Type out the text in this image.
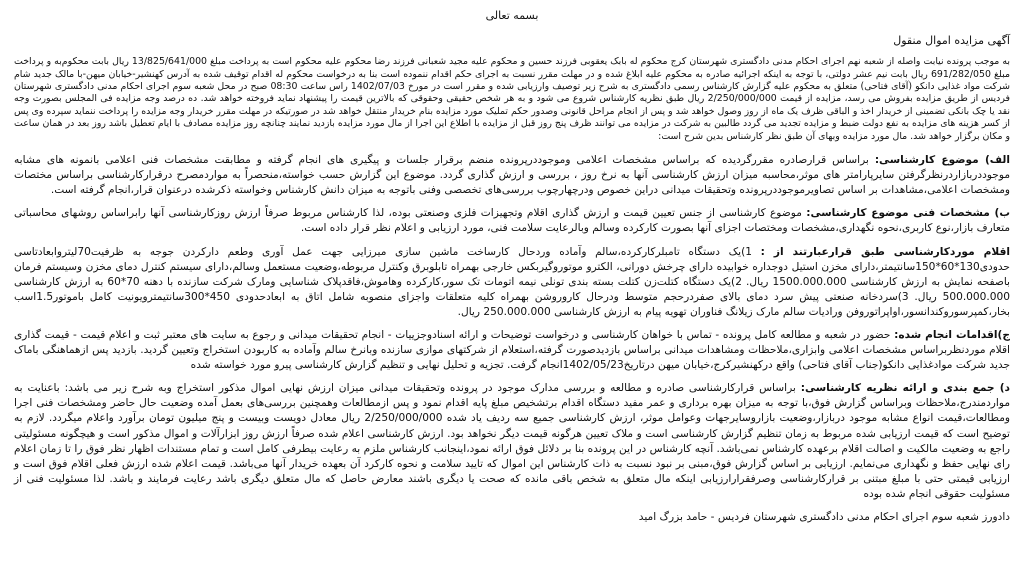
بسمه تعالی
آگهی مزایده اموال منقول
به موجب پرونده نیابت واصله از شعبه نهم اجرای احکام مدنی دادگستری شهرستان کرج محکوم له بابک یعقوبی فرزند حسین و محکوم علیه مجید شعبانی فرزند رضا محکوم علیه محکوم است به پرداخت مبلغ 13/825/641/000 ریال بابت محکوم‌به و پرداخت مبلغ 691/282/050 ریال بابت نیم عشر دولتی، با توجه به اینکه اجرائیه صادره به محکوم علیه ابلاغ شده و در مهلت مقرر نسبت به اجرای حکم اقدام ننموده است بنا به درخواست محکوم له اقدام توقیف شده به آدرس کهنشیر-خیابان میهن-با مالک جدید شام شرکت مواد غذایی دانکو (آقای فتاحی) متعلق به محکوم علیه گزارش کارشناس رسمی دادگستری به شرح زیر توصیف وارزیابی شده و مقرر است در مورخ 1402/07/03 راس ساعت 08:30 صبح در محل شعبه سوم اجرای احکام مدنی دادگستری شهرستان فردیس از طریق مزایده بفروش می رسد، مزایده از قیمت 2/250/000/000 ریال طبق نظریه کارشناس شروع می شود و به هر شخص حقیقی وحقوقی که بالاترین قیمت را پیشنهاد نماید فروخته خواهد شد. ده درصد وجه مزایده فی المجلس بصورت وجه نقد یا چک بانکی تضمینی از خریدار اخذ و الباقی ظرف یک ماه از روز وصول خواهد شد و پس از انجام مراحل قانونی وصدور حکم تملیک مورد مزایده بنام خریدار منتقل خواهد شد در صورتیکه در مهلت مقرر خریدار وجه مزایده را پرداخت ننماید سپرده وی پس از کسر هزینه های مزایده به نفع دولت ضبط و مزایده تجدید می گردد طالبین به شرکت در مزایده می توانند ظرف پنج روز قبل از مزایده با اطلاع این اجرا از مال مورد مزایده بازدید نمایند چنانچه روز مزایده مصادف با ایام تعطیل باشد روز بعد در همان ساعت و مکان برگزار خواهد شد. مال مورد مزایده وبهای آن طبق نظر کارشناس بدین شرح است:

الف) موضوع کارشناسی: براساس قرارصادره مقررگردیده که براساس مشخصات اعلامی وموجوددرپرونده منضم برقرار جلسات و پیگیری های انجام گرفته و مطابقت مشخصات فنی اعلامی بانمونه های مشابه موجوددربازاردرنظرگرفتن سایرپارامتر های موثر،محاسبه میزان ارزش کارشناسی آنها به نرخ روز ، بررسی و ارزش گذاری گردد. موضوع این گزارش حسب خواسته،منحصراً به مواردمصرح درقرارکارشناسی براساس مختصات ومشخصات اعلامی،مشاهدات بر اساس تصاویرموجوددرپرونده وتحقیقات میدانی دراین خصوص ودرچهارچوب بررسی‌های تخصصی وفنی باتوجه به میزان دانش کارشناس وخواسته ذکرشده درعنوان قرار،انجام گرفته است.

ب) مشخصات فنی موضوع کارشناسی: موضوع کارشناسی از جنس تعیین قیمت و ارزش گذاری اقلام وتجهیزات فلزی وصنعتی بوده، لذا کارشناس مربوط صرفاً ارزش روزکارشناسی آنها رابراساس روشهای محاسباتی متعارف بازار،نوع کاربری،نحوه نگهداری،مشخصات ومختصات اجزای آنها بصورت کارکرده وسالم وبالرعایت سلامت فنی، مورد ارزیابی و اعلام نظر قرار داده است.

اقلام موردکارشناسی طبق قرارعبارتند از : 1)یک دستگاه تامبلرکارکرده،سالم وآماده وردحال کارساخت ماشین سازی میرزایی جهت عمل آوری وطعم دارکردن جوجه به ظرفیت70لیتروابعادتاسی حدودی130*60*150سانتیمتر،دارای مخزن استیل دوجداره خوابیده دارای چرخش دورانی، الکترو موتوروگیربکس خارجی بهمراه تابلوبرق وکنترل مربوطه،وضعیت مستعمل وسالم،دارای سیستم کنترل دمای مخزن وسیستم فرمان باصفحه نمایش به ارزش کارشناسی 1500.000.000 ریال. 2)یک دستگاه کتلت‌زن کتلت بسته بندی تونلی نیمه اتومات تک سور،کارکرده وهاموش،فاقدپلاک شناسایی ومارک شرکت سازنده با دهنه 70*60 به ارزش کارشناسی 500.000.000 ریال. 3)سردخانه صنعتی پیش سرد دمای بالای صفردرحجم متوسط ودرحال کاروروشن بهمراه کلیه متعلقات واجزای منصوبه شامل اتاق به ابعادحدودی 450*300سانتیمترویونیت کامل باموتور1.5اسب بخار،کمپرسوروکندانسور،اواپراتوروفن ورادیات سالم مارک زیلانگ فناوران تهویه پیام به ارزش کارشناسی 250.000.000 ریال.

ج)اقدامات انجام شده: حضور در شعبه و مطالعه کامل پرونده - تماس با خواهان کارشناسی و درخواست توضیحات و ارائه اسنادوجزییات - انجام تحقیقات میدانی و رجوع به سایت های معتبر ثبت و اعلام قیمت - قیمت گذاری اقلام موردنظربراساس مشخصات اعلامی وابزاری،ملاحظات ومشاهدات میدانی براساس بازدیدصورت گرفته،استعلام از شرکتهای موازی سازنده وبانرخ سالم وآماده به کاربودن استخراج وتعیین گردید. بازدید پس ازهماهنگی باماک جدید شرکت موادغذایی دانکو(جناب آقای فتاحی) واقع درکهنشیرکرج،خیابان میهن درتاریخ1402/05/23انجام گرفت. تجزیه و تحلیل نهایی و تنظیم گزارش کارشناسی پیرو مورد خواسته شده

د) جمع بندی و ارائه نظریه کارشناسی: براساس قرارکارشناسی صادره و مطالعه و بررسی مدارک موجود در پرونده وتحقیقات میدانی میزان ارزش نهایی اموال مذکور استخراج وبه شرح زیر می باشد: باعنایت به مواردمندرج،ملاحظات وبراساس گزارش فوق،با توجه به میزان بهره برداری و عمر مفید دستگاه اقدام برتشخیص مبلغ پایه اقدام نمود و پس ازمطالعات وهمچنین بررسی‌های بعمل آمده وضعیت حال حاضر ومشخصات فنی اجرا ومطالعات،قیمت انواع مشابه موجود دربازار،وضعیت بازاروسایرجهات وعوامل موثر، ارزش کارشناسی جمیع سه ردیف یاد شده 2/250/000/000 ریال معادل دویست وبیست و پنج میلیون تومان برآورد واعلام میگردد. لازم به توضیح است که قیمت ارزیابی شده مربوط به زمان تنظیم گزارش کارشناسی است و ملاک تعیین هرگونه قیمت دیگر نخواهد بود. ارزش کارشناسی اعلام شده صرفاً ارزش روز ابزارآلات و اموال مذکور است و هیچگونه مسئولیتی راجع به وضعیت مالکیت و اصالت اقلام برعهده کارشناس نمی‌باشد. آنچه کارشناس در این پرونده بنا بر دلائل فوق ارائه نمود،اینجانب کارشناس ملزم به رعایت بیطرفی کامل است و تمام مستندات اظهار نظر فوق را تا زمان اعلام رای نهایی حفظ و نگهداری می‌نمایم. ارزیابی بر اساس گزارش فوق،مبنی بر نبود نسبت به ذات کارشناس این اموال که تایید سلامت و نحوه کارکرد آن بعهده خریدار آنها می‌باشد. قیمت اعلام شده ارزش فعلی اقلام فوق است و ارزیابی قیمتی حتی با مبلغ مبتنی بر قرارکارشناسی وصرفقرارارزیابی اینکه مال متعلق به شخص باقی مانده که صحت یا دیگری باشند معارض حاصل که مال متعلق دیگری باشد رعایت فرمایند و باشد. لذا مسئولیت فنی از مسئولیت حقوقی انجام شده بوده

دادورز شعبه سوم اجرای احکام مدنی دادگستری شهرستان فردیس - حامد بزرگ امید
